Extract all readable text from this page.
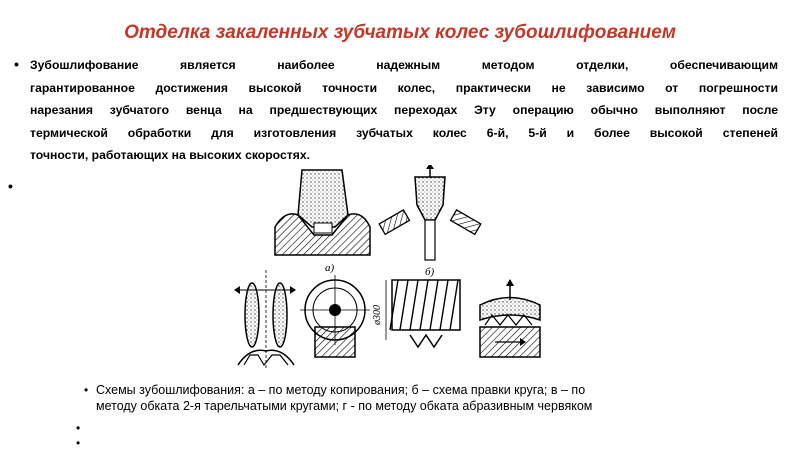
Отделка закаленных зубчатых колес зубошлифованием
• Зубошлифование является наиболее надежным методом отделки, обеспечивающим
гарантированное достижения высокой точности колес, практически не зависимо от погрешности
нарезания зубчатого венца на предшествующих переходах Эту операцию обычно выполняют после
термической обработки для изготовления зубчатых колес 6-й, 5-й и более высокой степеней
точности, работающих на высоких скоростях.
•
а)	б)
ø300
• Схемы зубошлифования: а – по методу копирования; б – схема правки круга; в – по
методу обката 2-я тарельчатыми кругами; г - по методу обката абразивным червяком
•
•
